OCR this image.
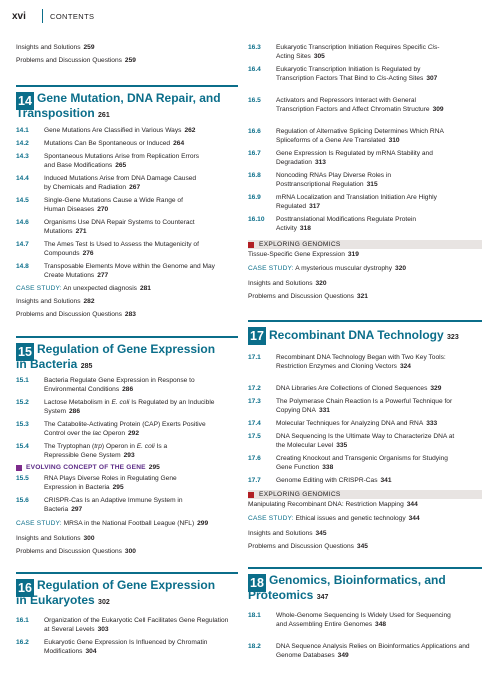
xvi	CONTENTS
Insights and Solutions 259
Problems and Discussion Questions 259
14 Gene Mutation, DNA Repair, and
Transposition 261
14.1 Gene Mutations Are Classified in Various Ways 262
14.2 Mutations Can Be Spontaneous or Induced 264
14.3 Spontaneous Mutations Arise from Replication Errors and Base Modifications 265
14.4 Induced Mutations Arise from DNA Damage Caused by Chemicals and Radiation 267
14.5 Single-Gene Mutations Cause a Wide Range of Human Diseases 270
14.6 Organisms Use DNA Repair Systems to Counteract Mutations 271
14.7 The Ames Test Is Used to Assess the Mutagenicity of Compounds 276
14.8 Transposable Elements Move within the Genome and May Create Mutations 277
CASE STUDY: An unexpected diagnosis 281
Insights and Solutions 282
Problems and Discussion Questions 283
15 Regulation of Gene Expression
in Bacteria 285
15.1 Bacteria Regulate Gene Expression in Response to Environmental Conditions 286
15.2 Lactose Metabolism in E. coli Is Regulated by an Inducible System 286
15.3 The Catabolite-Activating Protein (CAP) Exerts Positive Control over the lac Operon 292
15.4 The Tryptophan (trp) Operon in E. coli Is a Repressible Gene System 293
EVOLVING CONCEPT OF THE GENE 295
15.5 RNA Plays Diverse Roles in Regulating Gene Expression in Bacteria 295
15.6 CRISPR-Cas Is an Adaptive Immune System in Bacteria 297
CASE STUDY: MRSA in the National Football League (NFL) 299
Insights and Solutions 300
Problems and Discussion Questions 300
16 Regulation of Gene Expression
in Eukaryotes 302
16.1 Organization of the Eukaryotic Cell Facilitates Gene Regulation at Several Levels 303
16.2 Eukaryotic Gene Expression Is Influenced by Chromatin Modifications 304
16.3 Eukaryotic Transcription Initiation Requires Specific Cis-Acting Sites 305
16.4 Eukaryotic Transcription Initiation Is Regulated by Transcription Factors That Bind to Cis-Acting Sites 307
16.5 Activators and Repressors Interact with General Transcription Factors and Affect Chromatin Structure 309
16.6 Regulation of Alternative Splicing Determines Which RNA Spliceforms of a Gene Are Translated 310
16.7 Gene Expression Is Regulated by mRNA Stability and Degradation 313
16.8 Noncoding RNAs Play Diverse Roles in Posttranscriptional Regulation 315
16.9 mRNA Localization and Translation Initiation Are Highly Regulated 317
16.10 Posttranslational Modifications Regulate Protein Activity 318
EXPLORING GENOMICS
Tissue-Specific Gene Expression 319
CASE STUDY: A mysterious muscular dystrophy 320
Insights and Solutions 320
Problems and Discussion Questions 321
17 Recombinant DNA Technology 323
17.1 Recombinant DNA Technology Began with Two Key Tools: Restriction Enzymes and Cloning Vectors 324
17.2 DNA Libraries Are Collections of Cloned Sequences 329
17.3 The Polymerase Chain Reaction Is a Powerful Technique for Copying DNA 331
17.4 Molecular Techniques for Analyzing DNA and RNA 333
17.5 DNA Sequencing Is the Ultimate Way to Characterize DNA at the Molecular Level 335
17.6 Creating Knockout and Transgenic Organisms for Studying Gene Function 338
17.7 Genome Editing with CRISPR-Cas 341
EXPLORING GENOMICS
Manipulating Recombinant DNA: Restriction Mapping 344
CASE STUDY: Ethical issues and genetic technology 344
Insights and Solutions 345
Problems and Discussion Questions 345
18 Genomics, Bioinformatics, and
Proteomics 347
18.1 Whole-Genome Sequencing Is Widely Used for Sequencing and Assembling Entire Genomes 348
18.2 DNA Sequence Analysis Relies on Bioinformatics Applications and Genome Databases 349
